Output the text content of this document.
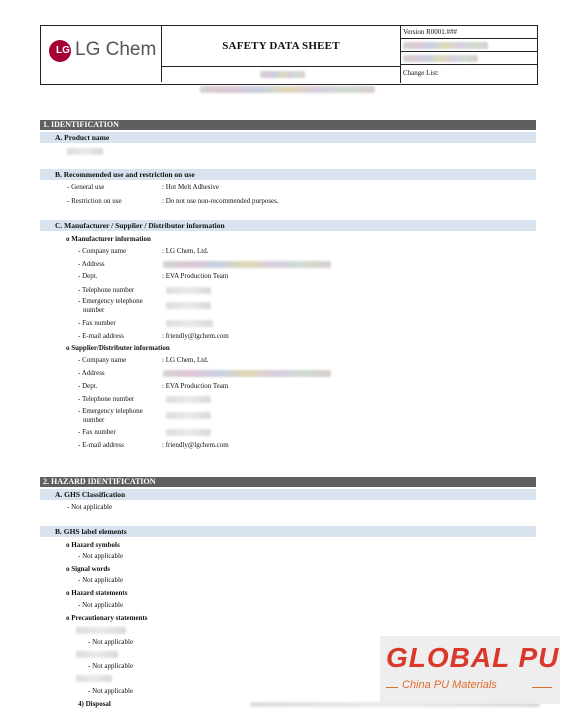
LG LG Chem	SAFETY DATA SHEET
Version R0001.###
Change List:
1. IDENTIFICATION
A. Product name
B. Recommended use and restriction on use
- General use	: Hot Melt Adhesive
- Restriction on use	: Do not use non-recommended purposes.
C. Manufacturer / Supplier / Distributor information
o Manufacturer information
- Company name	: LG Chem, Ltd.
- Address
- Dept.	: EVA Production Team
- Telephone number
- Emergency telephone
number
- Fax number
- E-mail address	: friendly@lgchem.com
o Supplier/Distributer information
- Company name	: LG Chem, Ltd.
- Address
- Dept.	: EVA Production Team
- Telephone number
- Emergency telephone
number
- Fax number
- E-mail address	: friendly@lgchem.com
2. HAZARD IDENTIFICATION
A. GHS Classification
- Not applicable
B. GHS label elements
o Hazard symbols
- Not applicable
o Signal words
- Not applicable
o Hazard statements
- Not applicable
o Precautionary statements
- Not applicable
- Not applicable
- Not applicable
4) Disposal
GLOBAL PU
China PU Materials
